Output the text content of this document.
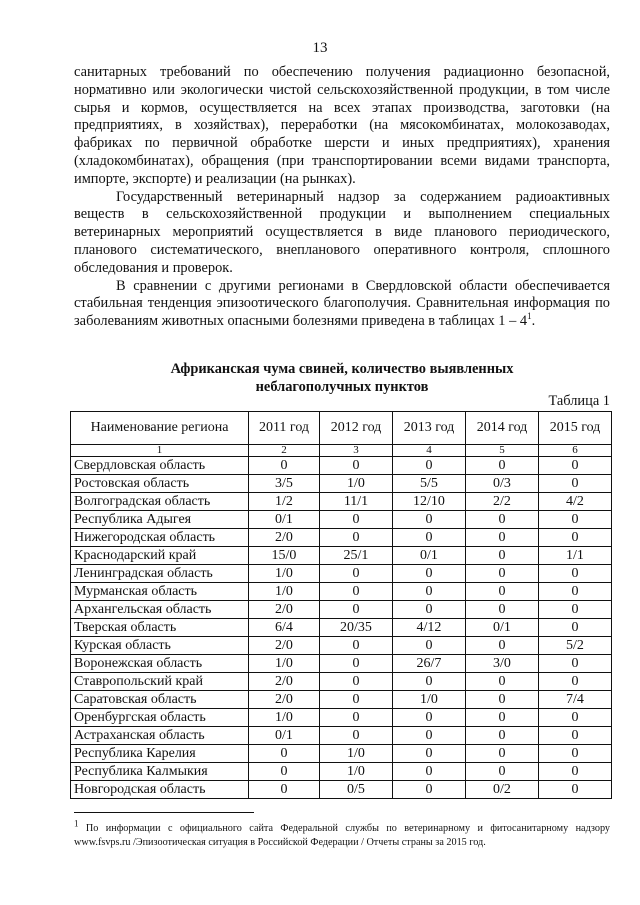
13

санитарных требований по обеспечению получения радиационно безопасной, нормативно или экологически чистой сельскохозяйственной продукции, в том числе сырья и кормов, осуществляется на всех этапах производства, заготовки (на предприятиях, в хозяйствах), переработки (на мясокомбинатах, молокозаводах, фабриках по первичной обработке шерсти и иных предприятиях), хранения (хладокомбинатах), обращения (при транспортировании всеми видами транспорта, импорте, экспорте) и реализации (на рынках).

Государственный ветеринарный надзор за содержанием радиоактивных веществ в сельскохозяйственной продукции и выполнением специальных ветеринарных мероприятий осуществляется в виде планового периодического, планового систематического, внепланового оперативного контроля, сплошного обследования и проверок.

В сравнении с другими регионами в Свердловской области обеспечивается стабильная тенденция эпизоотического благополучия. Сравнительная информация по заболеваниям животных опасными болезнями приведена в таблицах $1 - 4^1$.

Африканская чума свиней, количество выявленных
неблагополучных пунктов
Таблица 1
Наименование региона	2011 год	2012 год	2013 год	2014 год	2015 год
1	2	3	4	5	6
Свердловская область	0	0	0	0	0
Ростовская область	3/5	1/0	5/5	0/3	0
Волгоградская область	1/2	11/1	12/10	2/2	4/2
Республика Адыгея	0/1	0	0	0	0
Нижегородская область	2/0	0	0	0	0
Краснодарский край	15/0	25/1	0/1	0	1/1
Ленинградская область	1/0	0	0	0	0
Мурманская область	1/0	0	0	0	0
Архангельская область	2/0	0	0	0	0
Тверская область	6/4	20/35	4/12	0/1	0
Курская область	2/0	0	0	0	5/2
Воронежская область	1/0	0	26/7	3/0	0
Ставропольский край	2/0	0	0	0	0
Саратовская область	2/0	0	1/0	0	7/4
Оренбургская область	1/0	0	0	0	0
Астраханская область	0/1	0	0	0	0
Республика Карелия	0	1/0	0	0	0
Республика Калмыкия	0	1/0	0	0	0
Новгородская область	0	0/5	0	0/2	0
$^1$ По информации с официального сайта Федеральной службы по ветеринарному и фитосанитарному надзору www.fsvps.ru /Эпизоотическая ситуация в Российской Федерации / Отчеты страны за 2015 год.
